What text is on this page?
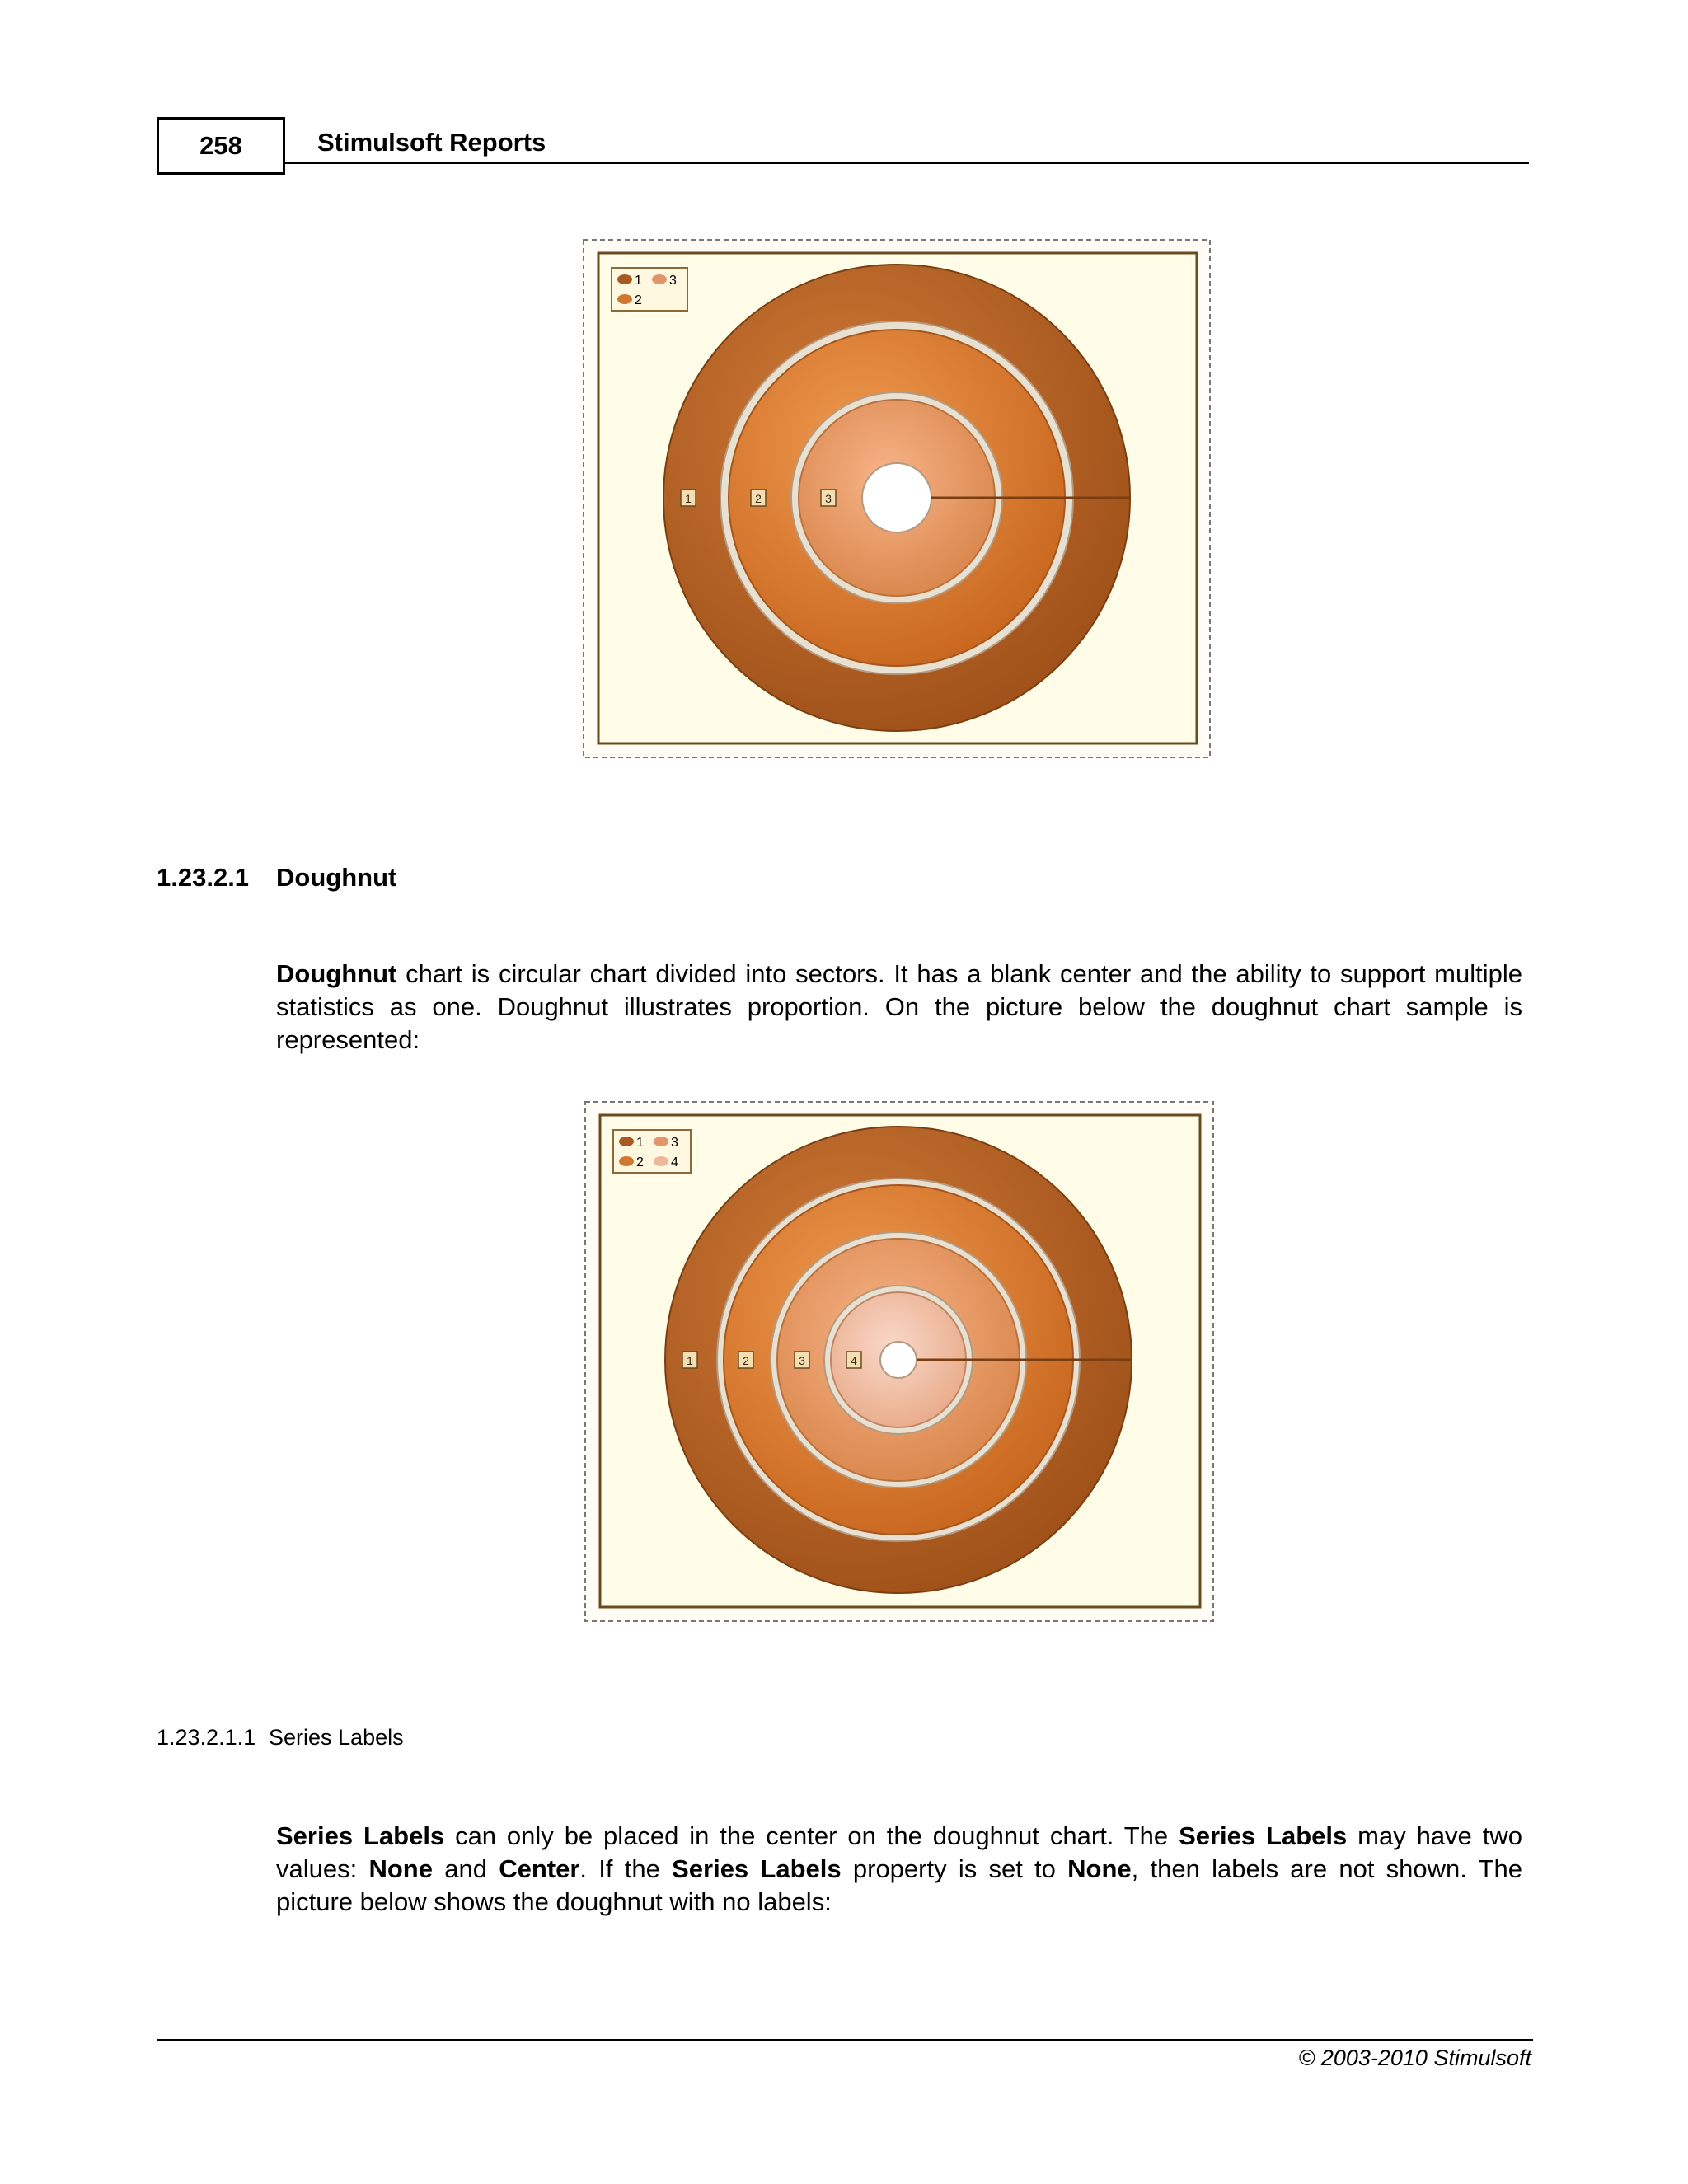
258	Stimulsoft Reports
1 3
2
1	2	3
1.23.2.1 Doughnut
Doughnut chart is circular chart divided into sectors. It has a blank center and the ability to support multiple statistics as one. Doughnut illustrates proportion. On the picture below the doughnut chart sample is represented:
1 3
2 4
1	2	3	4
1.23.2.1.1 Series Labels
Series Labels can only be placed in the center on the doughnut chart. The Series Labels may have two values: None and Center. If the Series Labels property is set to None, then labels are not shown. The picture below shows the doughnut with no labels:
© 2003-2010 Stimulsoft
